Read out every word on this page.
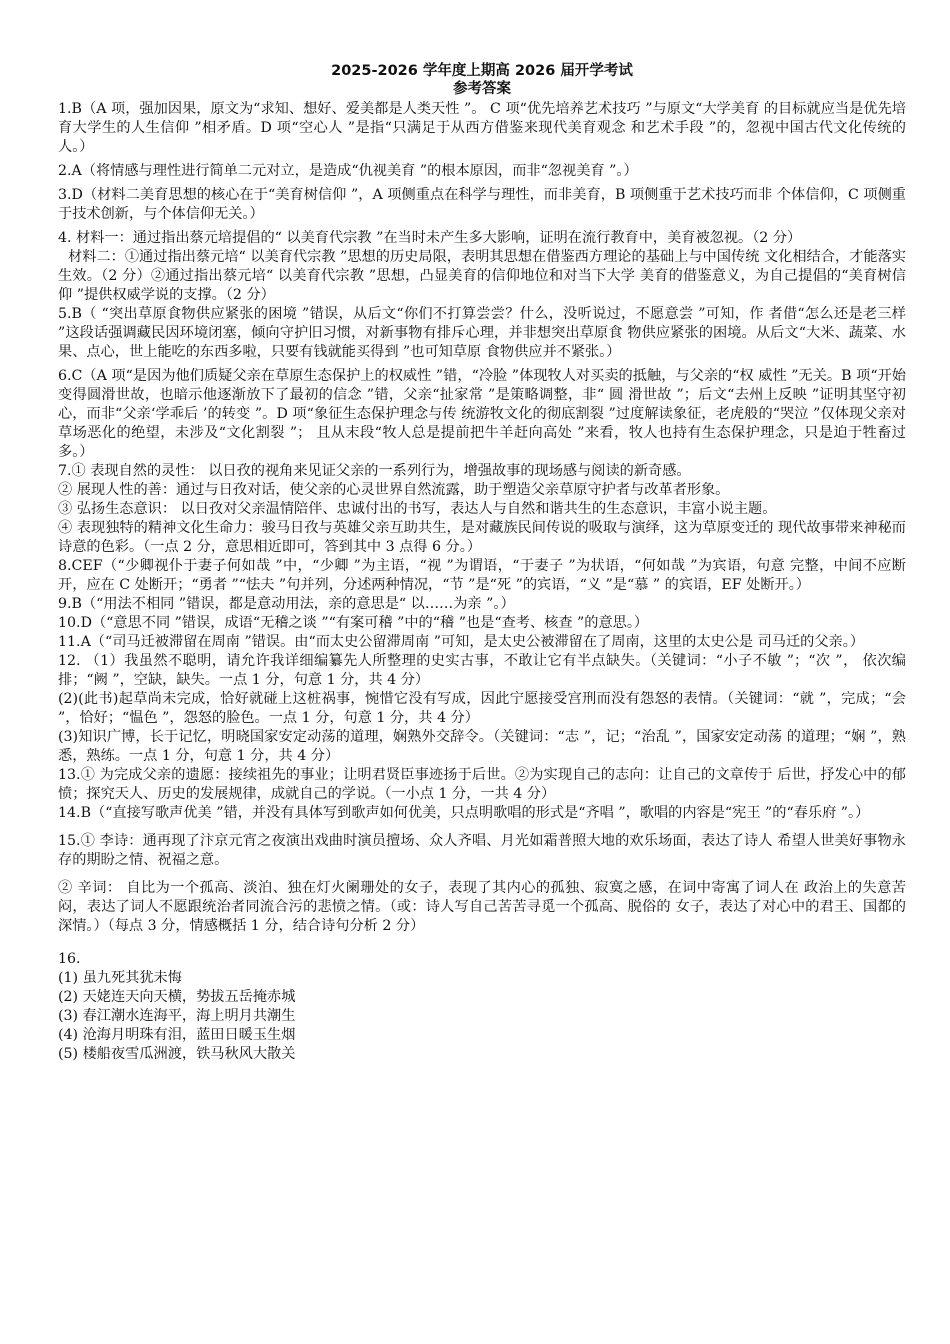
2025-2026 学年度上期高 2026 届开学考试
参考答案

1.B（A 项，强加因果，原文为“求知、想好、爱美都是人类天性 ”。 C 项“优先培养艺术技巧 ”与原文“大学美育 的目标就应当是优先培育大学生的人生信仰 ”相矛盾。D 项“空心人 ”是指“只满足于从西方借鉴来现代美育观念 和艺术手段 ”的，忽视中国古代文化传统的人。）

2.A（将情感与理性进行简单二元对立，是造成“仇视美育 ”的根本原因，而非“忽视美育 ”。）

3.D（材料二美育思想的核心在于“美育树信仰 ”，A 项侧重点在科学与理性，而非美育，B 项侧重于艺术技巧而非 个体信仰，C 项侧重于技术创新，与个体信仰无关。）

4. 材料一：通过指出蔡元培提倡的“ 以美育代宗教 ”在当时未产生多大影响，证明在流行教育中，美育被忽视。（2 分）

材料二：①通过指出蔡元培“ 以美育代宗教 ”思想的历史局限，表明其思想在借鉴西方理论的基础上与中国传统 文化相结合，才能落实生效。（2 分）②通过指出蔡元培“ 以美育代宗教 ”思想，凸显美育的信仰地位和对当下大学 美育的借鉴意义，为自己提倡的“美育树信仰 ”提供权威学说的支撑。（2 分）

5.B（ “突出草原食物供应紧张的困境 ”错误，从后文“你们不打算尝尝？什么，没听说过，不愿意尝 ”可知，作 者借“怎么还是老三样 ”这段话强调藏民因环境闭塞，倾向守护旧习惯，对新事物有排斥心理，并非想突出草原食 物供应紧张的困境。从后文“大米、蔬菜、水果、点心，世上能吃的东西多啦，只要有钱就能买得到 ”也可知草原 食物供应并不紧张。）

6.C（A 项“是因为他们质疑父亲在草原生态保护上的权威性 ”错，“冷脸 ”体现牧人对买卖的抵触，与父亲的“权 威性 ”无关。B 项“开始变得圆滑世故，也暗示他逐渐放下了最初的信念 ”错，父亲“扯家常 ”是策略调整，非“ 圆 滑世故 ”；后文“去州上反映 ”证明其坚守初心，而非“父亲‘学乖后 ’的转变 ”。D 项“象征生态保护理念与传 统游牧文化的彻底割裂 ”过度解读象征，老虎般的“哭泣 ”仅体现父亲对草场恶化的绝望，未涉及“文化割裂 ”； 且从末段“牧人总是提前把牛羊赶向高处 ”来看，牧人也持有生态保护理念，只是迫于牲畜过多。）

7.① 表现自然的灵性： 以日孜的视角来见证父亲的一系列行为，增强故事的现场感与阅读的新奇感。

② 展现人性的善：通过与日孜对话，使父亲的心灵世界自然流露，助于塑造父亲草原守护者与改革者形象。

③ 弘扬生态意识： 以日孜对父亲温情陪伴、忠诚付出的书写，表达人与自然和谐共生的生态意识，丰富小说主题。

④ 表现独特的精神文化生命力：骏马日孜与英雄父亲互助共生，是对藏族民间传说的吸取与演绎，这为草原变迁的 现代故事带来神秘而诗意的色彩。（一点 2 分，意思相近即可，答到其中 3 点得 6 分。）

8.CEF（“少卿视仆于妻子何如哉 ”中，“少卿 ”为主语，“视 ”为谓语，“于妻子 ”为状语，“何如哉 ”为宾语，句意 完整，中间不应断开，应在 C 处断开；“勇者 ”“怯夫 ”句并列，分述两种情况，“节 ”是“死 ”的宾语，“义 ”是“慕 ” 的宾语，EF 处断开。）

9.B（“用法不相同 ”错误，都是意动用法，亲的意思是“ 以……为亲 ”。）

10.D（“意思不同 ”错误，成语“无稽之谈 ”“有案可稽 ”中的“稽 ”也是“查考、核查 ”的意思。）

11.A（“司马迁被滞留在周南 ”错误。由“而太史公留滞周南 ”可知，是太史公被滞留在了周南，这里的太史公是 司马迁的父亲。）

12. （1）我虽然不聪明，请允许我详细编纂先人所整理的史实古事，不敢让它有半点缺失。（关键词：“小子不敏 ”；“次 ”， 依次编排；“阙 ”，空缺，缺失。一点 1 分，句意 1 分，共 4 分）

(2)(此书)起草尚未完成，恰好就碰上这桩祸事，惋惜它没有写成，因此宁愿接受宫刑而没有怨怒的表情。（关键词：“就 ”，完成；“会 ”，恰好；“愠色 ”，怨怒的脸色。一点 1 分，句意 1 分，共 4 分）

(3)知识广博，长于记忆，明晓国家安定动荡的道理，娴熟外交辞令。（关键词：“志 ”，记；“治乱 ”，国家安定动荡 的道理；“娴 ”，熟悉，熟练。一点 1 分，句意 1 分，共 4 分）

13.① 为完成父亲的遗愿：接续祖先的事业；让明君贤臣事迹扬于后世。②为实现自己的志向：让自己的文章传于 后世，抒发心中的郁愤；探究天人、历史的发展规律，成就自己的学说。（一小点 1 分，一共 4 分）

14.B（“直接写歌声优美 ”错，并没有具体写到歌声如何优美，只点明歌唱的形式是“齐唱 ”，歌唱的内容是“宪王 ”的“春乐府 ”。）

15.① 李诗：通再现了汴京元宵之夜演出戏曲时演员擅场、众人齐唱、月光如霜普照大地的欢乐场面，表达了诗人 希望人世美好事物永存的期盼之情、祝福之意。

② 辛词： 自比为一个孤高、淡泊、独在灯火阑珊处的女子，表现了其内心的孤独、寂寞之感，在词中寄寓了词人在 政治上的失意苦闷，表达了词人不愿跟统治者同流合污的悲愤之情。（或：诗人写自己苦苦寻觅一个孤高、脱俗的 女子，表达了对心中的君王、国都的深情。）（每点 3 分，情感概括 1 分，结合诗句分析 2 分）

16.

(1) 虽九死其犹未悔
(2) 天姥连天向天横，势拔五岳掩赤城
(3) 春江潮水连海平，海上明月共潮生
(4) 沧海月明珠有泪，蓝田日暖玉生烟
(5) 楼船夜雪瓜洲渡，铁马秋风大散关
